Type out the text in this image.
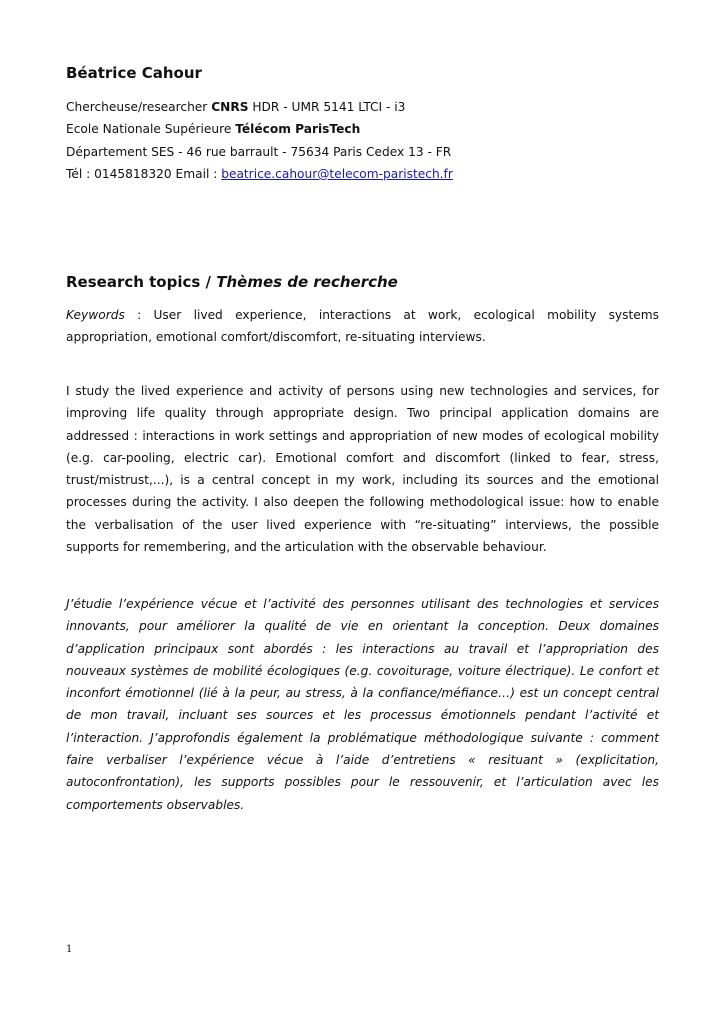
Béatrice Cahour
Chercheuse/researcher CNRS HDR - UMR 5141 LTCI - i3
Ecole Nationale Supérieure Télécom ParisTech
Département SES - 46 rue barrault - 75634 Paris Cedex 13 - FR
Tél : 0145818320 Email : beatrice.cahour@telecom-paristech.fr
Research topics / Thèmes de recherche

Keywords : User lived experience, interactions at work, ecological mobility systems appropriation, emotional comfort/discomfort, re-situating interviews.

I study the lived experience and activity of persons using new technologies and services, for improving life quality through appropriate design. Two principal application domains are addressed : interactions in work settings and appropriation of new modes of ecological mobility (e.g. car-pooling, electric car). Emotional comfort and discomfort (linked to fear, stress, trust/mistrust,...), is a central concept in my work, including its sources and the emotional processes during the activity. I also deepen the following methodological issue: how to enable the verbalisation of the user lived experience with “re-situating” interviews, the possible supports for remembering, and the articulation with the observable behaviour.

J’étudie l’expérience vécue et l’activité des personnes utilisant des technologies et services innovants, pour améliorer la qualité de vie en orientant la conception. Deux domaines d’application principaux sont abordés : les interactions au travail et l’appropriation des nouveaux systèmes de mobilité écologiques (e.g. covoiturage, voiture électrique). Le confort et inconfort émotionnel (lié à la peur, au stress, à la confiance/méfiance…) est un concept central de mon travail, incluant ses sources et les processus émotionnels pendant l’activité et l’interaction. J’approfondis également la problématique méthodologique suivante : comment faire verbaliser l’expérience vécue à l’aide d’entretiens « resituant » (explicitation, autoconfrontation), les supports possibles pour le ressouvenir, et l’articulation avec les comportements observables.

1
